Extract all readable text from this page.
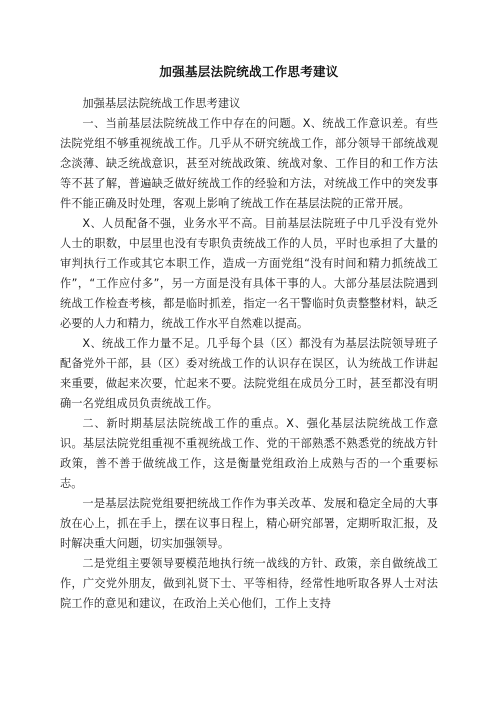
加强基层法院统战工作思考建议

加强基层法院统战工作思考建议

一、当前基层法院统战工作中存在的问题。X、统战工作意识差。有些法院党组不够重视统战工作。几乎从不研究统战工作，部分领导干部统战观念淡薄、缺乏统战意识，甚至对统战政策、统战对象、工作目的和工作方法等不甚了解，普遍缺乏做好统战工作的经验和方法，对统战工作中的突发事件不能正确及时处理，客观上影响了统战工作在基层法院的正常开展。

X、人员配备不强，业务水平不高。目前基层法院班子中几乎没有党外人士的职数，中层里也没有专职负责统战工作的人员，平时也承担了大量的审判执行工作或其它本职工作，造成一方面党组“没有时间和精力抓统战工作”，“工作应付多”，另一方面是没有具体干事的人。大部分基层法院遇到统战工作检查考核，都是临时抓差，指定一名干警临时负责整整材料，缺乏必要的人力和精力，统战工作水平自然难以提高。

X、统战工作力量不足。几乎每个县（区）都没有为基层法院领导班子配备党外干部，县（区）委对统战工作的认识存在误区，认为统战工作讲起来重要，做起来次要，忙起来不要。法院党组在成员分工时，甚至都没有明确一名党组成员负责统战工作。

二、新时期基层法院统战工作的重点。X、强化基层法院统战工作意识。基层法院党组重视不重视统战工作、党的干部熟悉不熟悉党的统战方针政策，善不善于做统战工作，这是衡量党组政治上成熟与否的一个重要标志。

一是基层法院党组要把统战工作作为事关改革、发展和稳定全局的大事放在心上，抓在手上，摆在议事日程上，精心研究部署，定期听取汇报，及时解决重大问题，切实加强领导。

二是党组主要领导要模范地执行统一战线的方针、政策，亲自做统战工作，广交党外朋友，做到礼贤下士、平等相待，经常性地听取各界人士对法院工作的意见和建议，在政治上关心他们，工作上支持
